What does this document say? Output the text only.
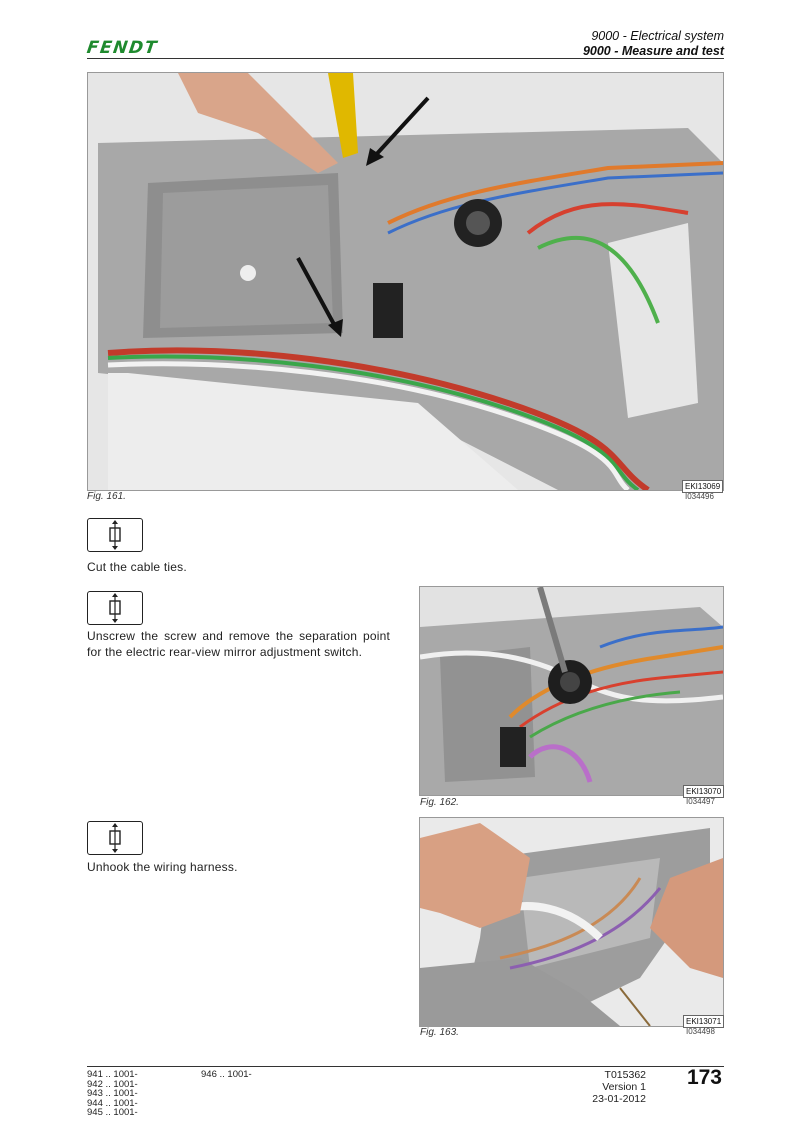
FENDT
9000 - Electrical system
9000 - Measure and test
EKI13069
Fig. 161.	I034496
Cut the cable ties.
Unscrew the screw and remove the separation point for the electric rear-view mirror adjustment switch.
EKI13070
Fig. 162.	I034497
Unhook the wiring harness.
EKI13071
Fig. 163.	I034498
941 .. 1001-
942 .. 1001-
943 .. 1001-
944 .. 1001-
945 .. 1001-
946 .. 1001-	T015362
Version 1
23-01-2012
173
